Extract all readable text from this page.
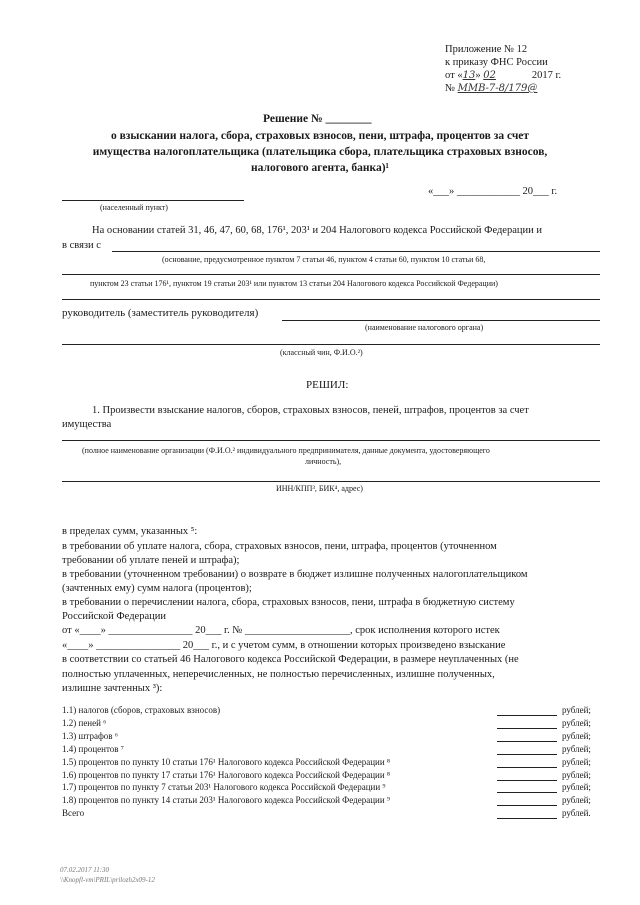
Приложение № 12
к приказу ФНС России
от «13» 02	2017 г.
№ ММВ-7-8/179@
Решение № ________
о взыскании налога, сбора, страховых взносов, пени, штрафа, процентов за счет
имущества налогоплательщика (плательщика сбора, плательщика страховых взносов,
налогового агента, банка)¹
(населенный пункт)
«___» ____________ 20___ г.
На основании статей 31, 46, 47, 60, 68, 176¹, 203¹ и 204 Налогового кодекса Российской Федерации и
в связи с
(основание, предусмотренное пунктом 7 статьи 46, пунктом 4 статьи 60, пунктом 10 статьи 68,
пунктом 23 статьи 176¹, пунктом 19 статьи 203¹ или пунктом 13 статьи 204 Налогового кодекса Российской Федерации)
руководитель (заместитель руководителя)
(наименование налогового органа)
(классный чин, Ф.И.О.²)
РЕШИЛ:
1. Произвести взыскание налогов, сборов, страховых взносов, пеней, штрафов, процентов за счет
имущества
(полное наименование организации (Ф.И.О.² индивидуального предпринимателя, данные документа, удостоверяющего
личность),
ИНН/КПП³, БИК⁴, адрес)
в пределах сумм, указанных ⁵:
в требовании об уплате налога, сбора, страховых взносов, пени, штрафа, процентов (уточненном
требовании об уплате пеней и штрафа);
в требовании (уточненном требовании) о возврате в бюджет излишне полученных налогоплательщиком
(зачтенных ему) сумм налога (процентов);
в требовании о перечислении налога, сбора, страховых взносов, пени, штрафа в бюджетную систему
Российской Федерации
от «____» ________________ 20___ г. № ____________________, срок исполнения которого истек
«____» ________________ 20___ г., и с учетом сумм, в отношении которых произведено взыскание
в соответствии со статьей 46 Налогового кодекса Российской Федерации, в размере неуплаченных (не
полностью уплаченных, неперечисленных, не полностью перечисленных, излишне полученных,
излишне зачтенных ³):
1.1) налогов (сборов, страховых взносов)	рублей;
1.2) пеней ⁶	рублей;
1.3) штрафов ⁶	рублей;
1.4) процентов ⁷	рублей;
1.5) процентов по пункту 10 статьи 176¹ Налогового кодекса Российской Федерации ⁸	рублей;
1.6) процентов по пункту 17 статьи 176¹ Налогового кодекса Российской Федерации ⁸	рублей;
1.7) процентов по пункту 7 статьи 203¹ Налогового кодекса Российской Федерации ⁹	рублей;
1.8) процентов по пункту 14 статьи 203¹ Налогового кодекса Российской Федерации ⁹	рублей;
Всего	рублей.
07.02.2017 11:30
\\Knopfl-vm\PRIL\prilozh2x09-12
